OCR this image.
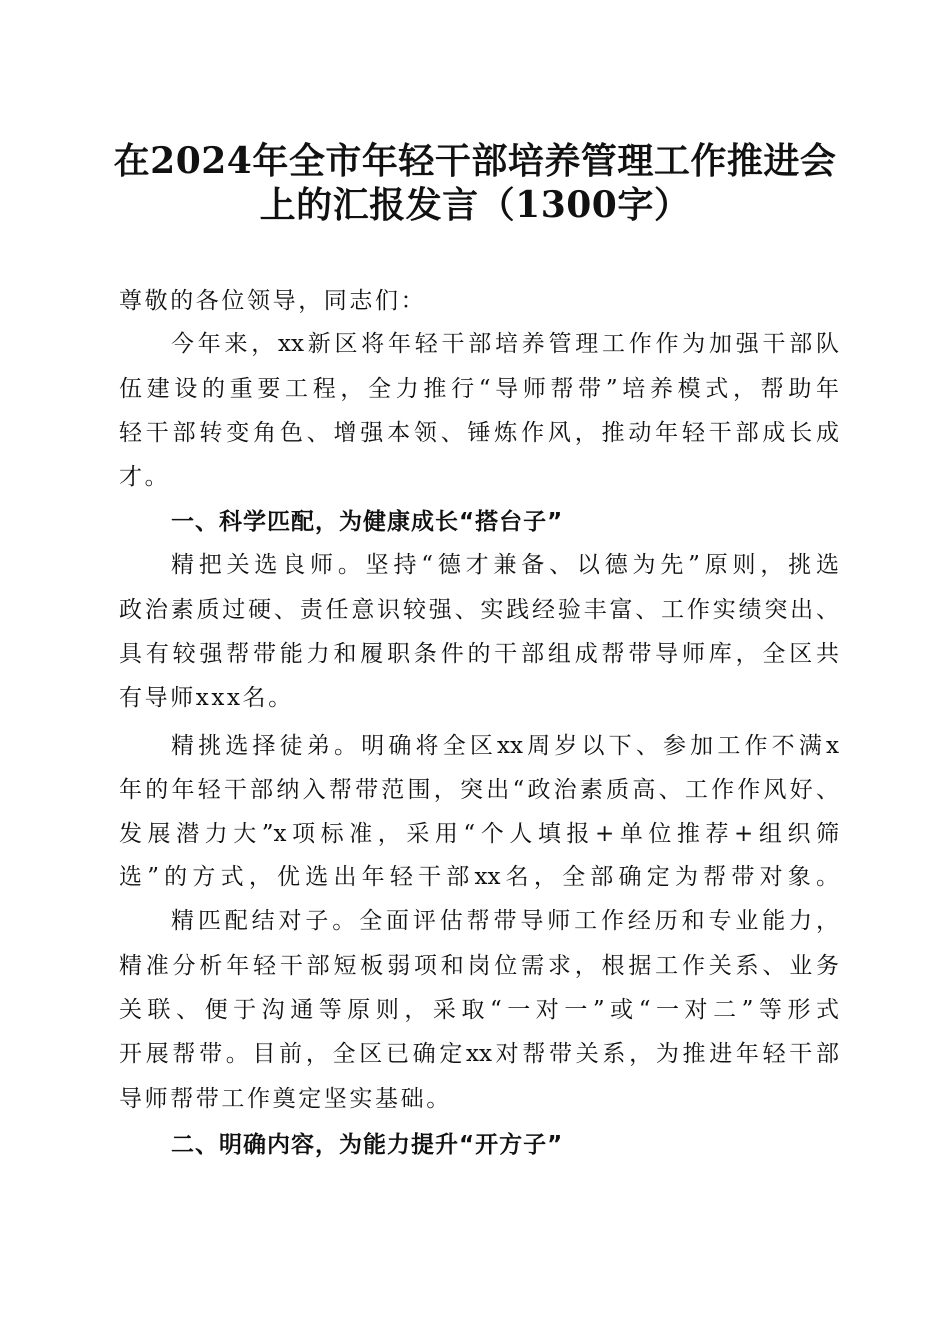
在2024年全市年轻干部培养管理工作推进会
上的汇报发言（1300字）
尊敬的各位领导，同志们：
今年来，xx新区将年轻干部培养管理工作作为加强干部队
伍建设的重要工程，全力推行“导师帮带”培养模式，帮助年
轻干部转变角色、增强本领、锤炼作风，推动年轻干部成长成
才。
一、科学匹配，为健康成长“搭台子”
精把关选良师。坚持“德才兼备、以德为先”原则，挑选
政治素质过硬、责任意识较强、实践经验丰富、工作实绩突出、
具有较强帮带能力和履职条件的干部组成帮带导师库，全区共
有导师xxx名。
精挑选择徒弟。明确将全区xx周岁以下、参加工作不满x
年的年轻干部纳入帮带范围，突出“政治素质高、工作作风好、
发展潜力大”x项标准，采用“个人填报+单位推荐+组织筛
选”的方式，优选出年轻干部xx名，全部确定为帮带对象。
精匹配结对子。全面评估帮带导师工作经历和专业能力，
精准分析年轻干部短板弱项和岗位需求，根据工作关系、业务
关联、便于沟通等原则，采取“一对一”或“一对二”等形式
开展帮带。目前，全区已确定xx对帮带关系，为推进年轻干部
导师帮带工作奠定坚实基础。
二、明确内容，为能力提升“开方子”
